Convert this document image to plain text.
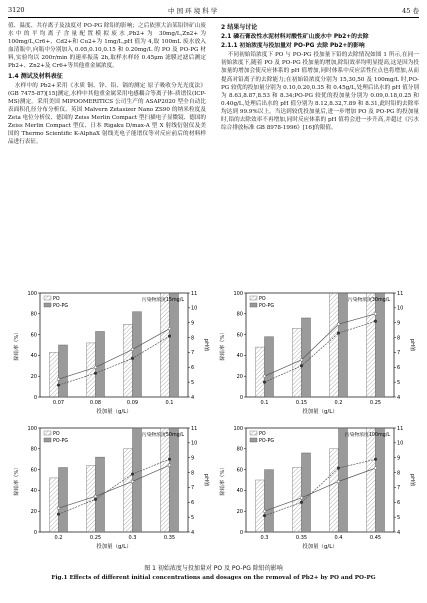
3120	中 国 环 境 科 学	45 卷

值、温度、共存离子及浊度对 PO-PG 除铅的影响；之后依照大冶某铅锌矿山废水中的平均离子含量配置模拟废水,Pb2+为 30mg/L,Zn2+为 100mg/L,Cr6+、Cd2+和 Cu2+为 1mg/L,pH 值为 4,取 100mL 废水放入血清瓶中,向瓶中分别加入 0.05,0.10,0.15 和 0.20mg/L 的 PO 及 PO-PG 材料,实验均以 200r/min 的速率振荡 2h,取样水样经 0.45μm 滤膜过滤后测定 Pb2+、Zn2+及 Cr6+等其他重金属浓度。

1.4 测试及材料表征

水样中的 Pb2+采用《水质 铜、锌、铅、镉的测定 原子吸收分光光度法》(GB 7475-87)[15]测定,水样中其他重金属采用电感耦合等离子体-质谱仪(ICP-MS)测定。采用美国 MIPOOMERITICS 公司生产的 ASAP2020 型全自动比表面积孔径分布分析仪、英国 Malvern Zetasizer Nano ZS90 的纳米粒度及 Zeta 电位分析仪、德国的 Zeiss Merlin Compact 型扫描电子显微镜、德国的 Zeiss Merlin Compact 型仪、日本 Rigaku D/max-A 型 X 射线衍射仪及美国的 Thermo Scientific K-AlphaX 射线光电子能谱仪等对反应前后的材料样品进行表征。

2 结果与讨论
2.1 磷石膏改性水泥材料对酸性矿山废水中 Pb2+的去除
2.1.1 初始浓度与投加量对 PO-PG 去除 Pb2+的影响

不同初始铅浓度下 PO 与 PO-PG 投加量下铅的去除情况如图 1 所示,在同一初始浓度下,随着 PO 及 PO-PG 投加量的增加,除铅效率均明显提高,这是因为投加量的增加会使反应体系的 pH 值增加,同时体系中反应活性位点也将增加,从而提高对铅离子的去除能力;在初始铅浓度分别为 15,30,50 及 100mg/L 时,PO-PG 较优的投加量分别为 0.10,0.20,0.35 和 0.45g/L,处理后出水的 pH 值分别为 8.63,8.87,8.53 和 8.34;PO-PG 较优的投加量分别为 0.09,0.18,0.25 和 0.40g/L,处理后出水的 pH 值分别为 8.12,8.32,7.89 和 8.31,此时铅的去除率均达到 99.9%以上。当达到较优投加量后,进一步增加 PO 及 PO-PG 的投加量时,铅的去除效率不再增加,同时反应体系的 pH 值将会进一步升高,并超过《污水综合排放标准 GB 8978-1996》[16]的限值。

0
20
40
60
80
100
4
5
6
7
8
9
10
11
0.07	0.08	0.09	0.1
PO
PO-PG
污染物浓度15mg/L
投加量（g/L）
除铅率（%）	pH值
0
20
40
60
80
100
4
5
6
7
8
9
10
11
0.1	0.15	0.2	0.25
PO
PO-PG
污染物浓度30mg/L
投加量（g/L）
除铅率（%）	pH值
0
20
40
60
80
100
4
5
6
7
8
9
10
11
0.2	0.25	0.3	0.35
PO
PO-PG
污染物浓度50mg/L
投加量（g/L）
除铅率（%）	pH值
0
20
40
60
80
100
4
5
6
7
8
9
10
11
0.3	0.35	0.4	0.45
PO
PO-PG
污染物浓度100mg/L
投加量（g/L）
除铅率（%）	pH值
图 1 初始浓度与投加量对 PO 及 PO-PG 除铅的影响
Fig.1 Effects of different initial concentrations and dosages on the removal of Pb2+ by PO and PO-PG
